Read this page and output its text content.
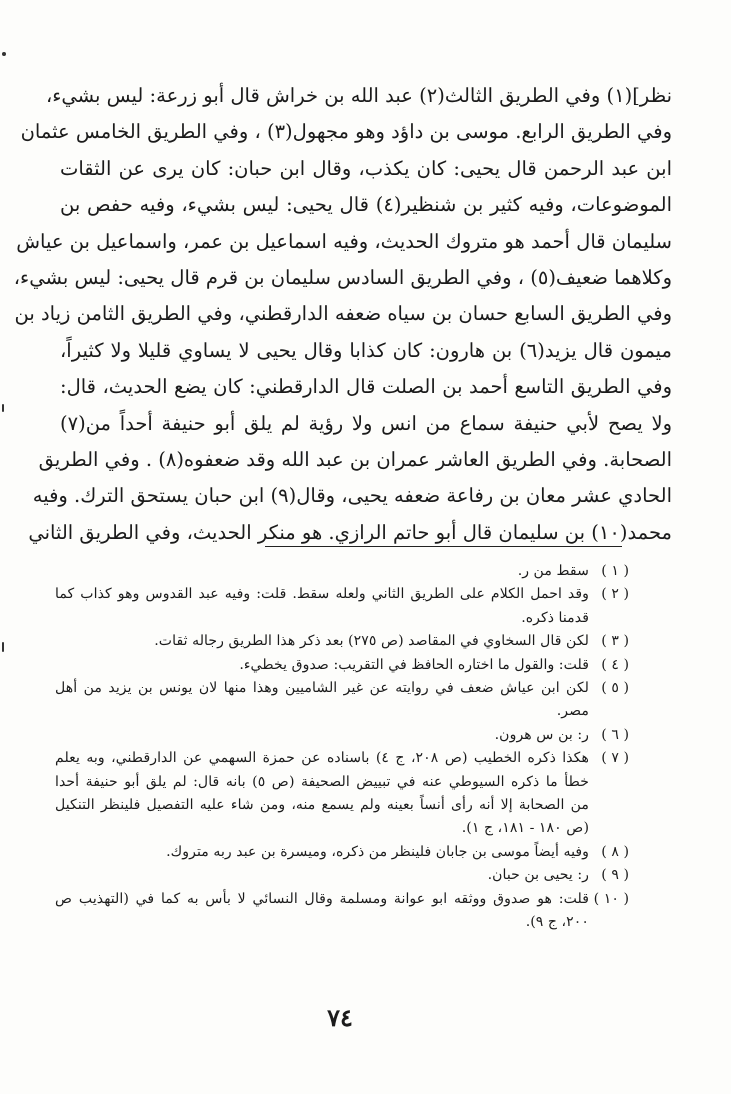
نظر](١) وفي الطريق الثالث(٢) عبد الله بن خراش قال أبو زرعة: ليس بشيء،
وفي الطريق الرابع. موسى بن داؤد وهو مجهول(٣) ، وفي الطريق الخامس عثمان
ابن عبد الرحمن قال يحيى: كان يكذب، وقال ابن حبان: كان يرى عن الثقات
الموضوعات، وفيه كثير بن شنظير(٤) قال يحيى: ليس بشيء، وفيه حفص بن
سليمان قال أحمد هو متروك الحديث، وفيه اسماعيل بن عمر، واسماعيل بن عياش
وكلاهما ضعيف(٥) ، وفي الطريق السادس سليمان بن قرم قال يحيى: ليس بشيء،
وفي الطريق السابع حسان بن سياه ضعفه الدارقطني، وفي الطريق الثامن زياد بن
ميمون قال يزيد(٦) بن هارون: كان كذابا وقال يحيى لا يساوي قليلا ولا كثيراً،
وفي الطريق التاسع أحمد بن الصلت قال الدارقطني: كان يضع الحديث، قال:
ولا يصح لأبي حنيفة سماع من انس ولا رؤية لم يلق أبو حنيفة أحداً من(٧)
الصحابة. وفي الطريق العاشر عمران بن عبد الله وقد ضعفوه(٨) . وفي الطريق
الحادي عشر معان بن رفاعة ضعفه يحيى، وقال(٩) ابن حبان يستحق الترك. وفيه
محمد(١٠) بن سليمان قال أبو حاتم الرازي. هو منكر الحديث، وفي الطريق الثاني
( ١ )
سقط من ر.
( ٢ )
وقد احمل الكلام على الطريق الثاني ولعله سقط. قلت: وفيه عبد القدوس وهو كذاب كما
قدمنا ذكره.
( ٣ )
لكن قال السخاوي في المقاصد (ص ٢٧٥) بعد ذكر هذا الطريق رجاله ثقات.
( ٤ )
قلت: والقول ما اختاره الحافظ في التقريب: صدوق يخطيء.
( ٥ )
لكن ابن عياش ضعف في روايته عن غير الشاميين وهذا منها لان يونس بن يزيد من أهل
مصر.
( ٦ )
ر: بن س هرون.
( ٧ )
هكذا ذكره الخطيب (ص ٢٠٨، ج ٤) باسناده عن حمزة السهمي عن الدارقطني، وبه يعلم
خطأ ما ذكره السيوطي عنه في تبييض الصحيفة (ص ٥) بانه قال: لم يلق أبو حنيفة أحدا
من الصحابة إلا أنه رأى أنساً بعينه ولم يسمع منه، ومن شاء عليه التفصيل فلينظر التنكيل
(ص ١٨٠ - ١٨١، ج ١).
( ٨ )
وفيه أيضاً موسى بن جابان فلينظر من ذكره، وميسرة بن عبد ربه متروك.
( ٩ )
ر: يحيى بن حبان.
( ١٠ )
قلت: هو صدوق ووثقه ابو عوانة ومسلمة وقال النسائي لا بأس به كما في (التهذيب ص
٢٠٠، ج ٩).
٧٤
